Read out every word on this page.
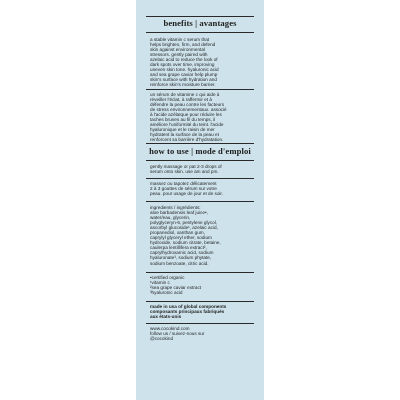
benefits | avantages
a stable vitamin c serum that
helps brighten, firm, and defend
skin against environmental
stressors. gently paired with
azelaic acid to reduce the look of
dark spots over time, improving
uneven skin tone. hyaluronic acid
and sea grape caviar help plump
skin's surface with hydration and
reinforce skin's moisture barrier.
un sérum de vitamine c qui aide à
réveiller l'éclat, à raffermir et à
défendre la peau contre les facteurs
de stress environnementaux. associé
à l'acide azélaïque pour réduire les
taches brunes au fil du temps, il
améliore l'uniformité du teint. l'acide
hyaluronique et le raisin de mer
hydratent la surface de la peau et
renforcent sa barrière d'hydratation.
how to use | mode d'emploi
gently massage or pat 2-3 drops of
serum onto skin. use am and pm.
massez ou tapotez délicatement
2 à 3 gouttes de sérum sur votre
peau. pour usage de jour et de soir.
ingredients / ingrédients:
aloe barbadensis leaf juice•,
water/eau, glycerin,
polyglyceryn-6, pentylene glycol,
ascorbyl glucoside¹, azelaic acid,
propanediol, xanthan gum,
caprylyl glyceryl ether, sodium
hydroxide, sodium citrate, betaine,
caulerpa lentillifera extract²,
caprylhydroxamic acid, sodium
hyaluronate³, sodium phytate,
sodium benzoate, citric acid.
•certified organic
¹vitamin c
²sea grape caviar extract
³hyaluronic acid
made in usa of global components
composants principaux fabriqués
aux états-unis
www.cocokind.com
follow us / suivez-nous sur
@cocokind
